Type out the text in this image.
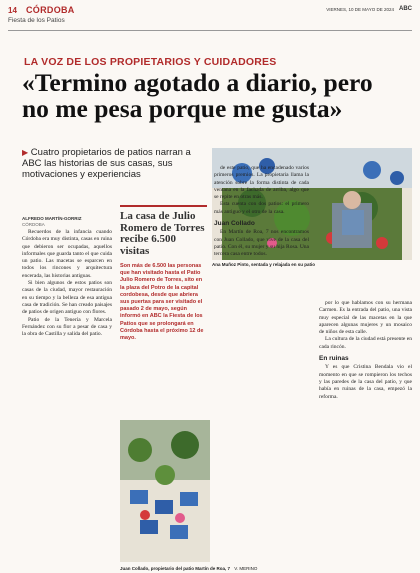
14 CÓRDOBA
Fiesta de los Patios
VIERNES, 10 DE MAYO DE 2024 ABC
LA VOZ DE LOS PROPIETARIOS Y CUIDADORES
«Termino agotado a diario, pero no me pesa porque me gusta»
▶ Cuatro propietarios de patios narran a ABC las historias de sus casas, sus motivaciones y experiencias
ALFREDO MARTÍN-GORRIZ
CÓRDOBA

Recuerdos de la infancia cuando Córdoba era muy distinta, casas en ruina que debieron ser ocupadas, aquellos informales que guarda tanto el que cuida un patio. Las macetas se esparcen en todos los rincones y arquitectura encerada, las historias antiguas.

Si bien algunos de estos patios son casas de la ciudad, mayor restauración en su tiempo y la belleza de esa antigua casa de tradición. Se han creado paisajes de patios de origen antiguo con flores.

Patio de la Tenería y Marcela Fernández con su flor a pesar de casa y la obra de Castilla y salida del patio.

La casa de Julio Romero de Torres recibe 6.500 visitas
Son más de 6.500 las personas que han visitado hasta el Patio Julio Romero de Torres, sito en la plaza del Potro de la capital cordobesa, desde que abriera sus puertas para ser visitado el pasado 2 de mayo, según informó en ABC la Fiesta de los Patios que se prolongará en Córdoba hasta el próximo 12 de mayo.

de este patio, que ha encadenado varios primeros premios. La propietaria llama la atención sobre la forma distinta de cada ventana en la fachada de arriba, algo que se repite en otras más.

Esta cuenta con dos patios: el primero más antiguo y el otro de la casa.

Juan Collado

En Martín de Roa, 7 nos encontramos con Juan Collado, que vive de la casa del patio. Con él, su mujer y su hija Rosa. Una tercera casa entre todos.

Ana Muñoz Pinto, sentada y relajada en su patio

por lo que hablamos con su hermana Carmen. Es la entrada del patio, una vista muy especial de las macetas en la que aparecen algunas mujeres y un mosaico de niños de esta calle.

La cultura de la ciudad está presente en cada rincón.

En ruinas

Y es que Cristina Bendala vio el momento en que se rompieron los techos y las paredes de la casa del patio, y que había en ruinas de la casa, empezó la reforma.

Juan Collado, propietario del patio Martín de Roa, 7 V. MERINO
